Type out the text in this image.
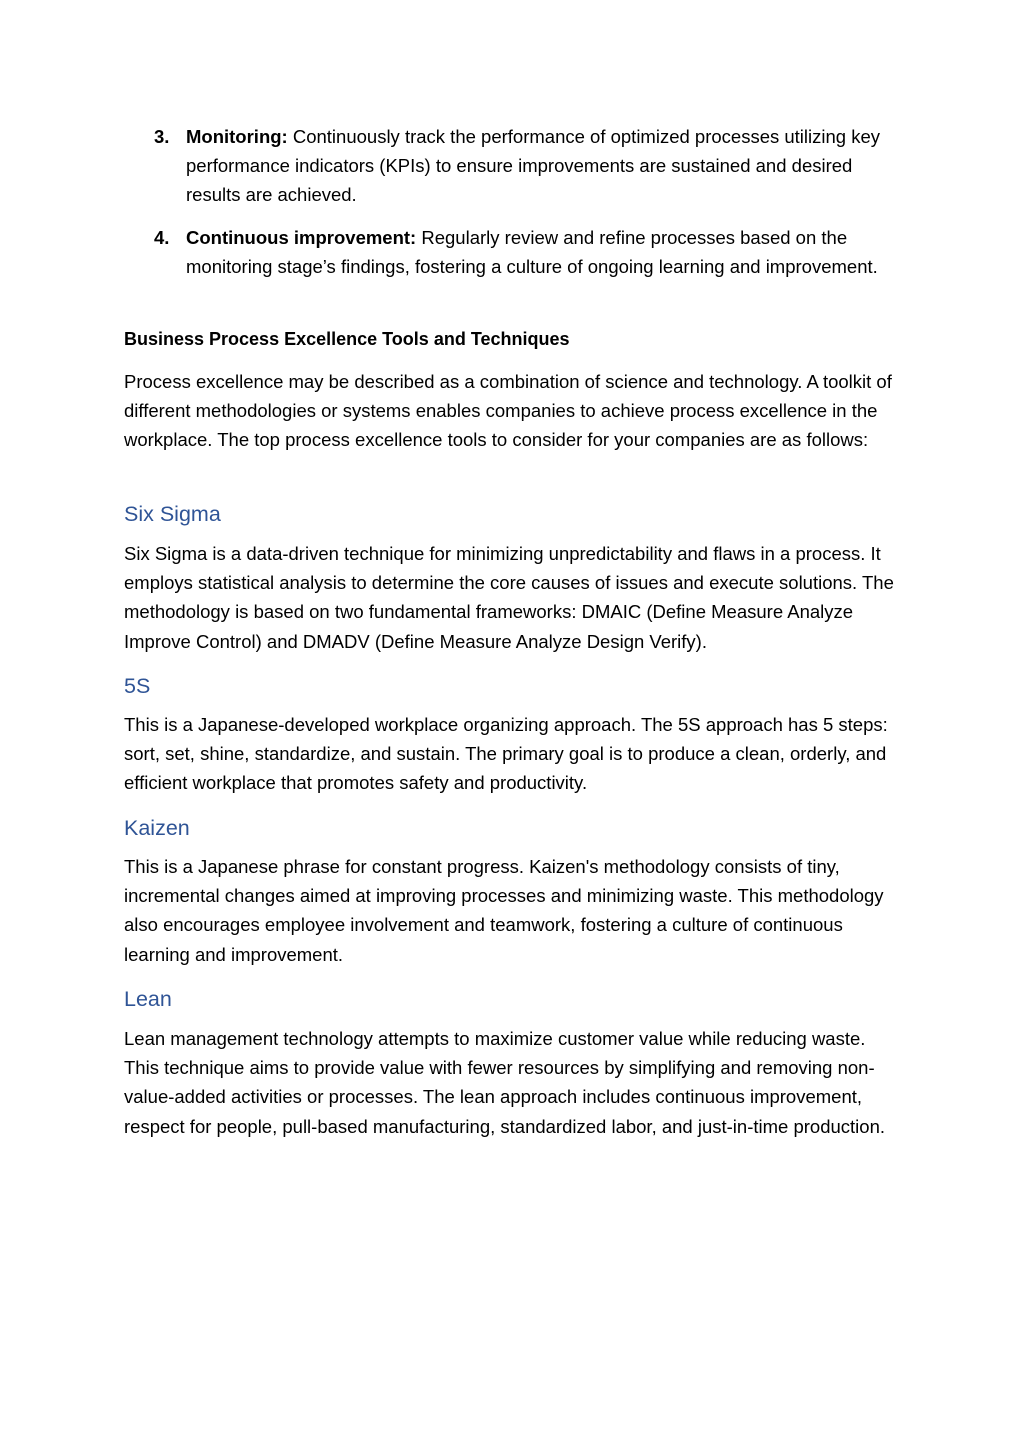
3. Monitoring: Continuously track the performance of optimized processes utilizing key performance indicators (KPIs) to ensure improvements are sustained and desired results are achieved.
4. Continuous improvement: Regularly review and refine processes based on the monitoring stage’s findings, fostering a culture of ongoing learning and improvement.
Business Process Excellence Tools and Techniques
Process excellence may be described as a combination of science and technology. A toolkit of different methodologies or systems enables companies to achieve process excellence in the workplace. The top process excellence tools to consider for your companies are as follows:
Six Sigma
Six Sigma is a data-driven technique for minimizing unpredictability and flaws in a process. It employs statistical analysis to determine the core causes of issues and execute solutions. The methodology is based on two fundamental frameworks: DMAIC (Define Measure Analyze Improve Control) and DMADV (Define Measure Analyze Design Verify).
5S
This is a Japanese-developed workplace organizing approach. The 5S approach has 5 steps: sort, set, shine, standardize, and sustain. The primary goal is to produce a clean, orderly, and efficient workplace that promotes safety and productivity.
Kaizen
This is a Japanese phrase for constant progress. Kaizen's methodology consists of tiny, incremental changes aimed at improving processes and minimizing waste. This methodology also encourages employee involvement and teamwork, fostering a culture of continuous learning and improvement.
Lean
Lean management technology attempts to maximize customer value while reducing waste. This technique aims to provide value with fewer resources by simplifying and removing non-value-added activities or processes. The lean approach includes continuous improvement, respect for people, pull-based manufacturing, standardized labor, and just-in-time production.
